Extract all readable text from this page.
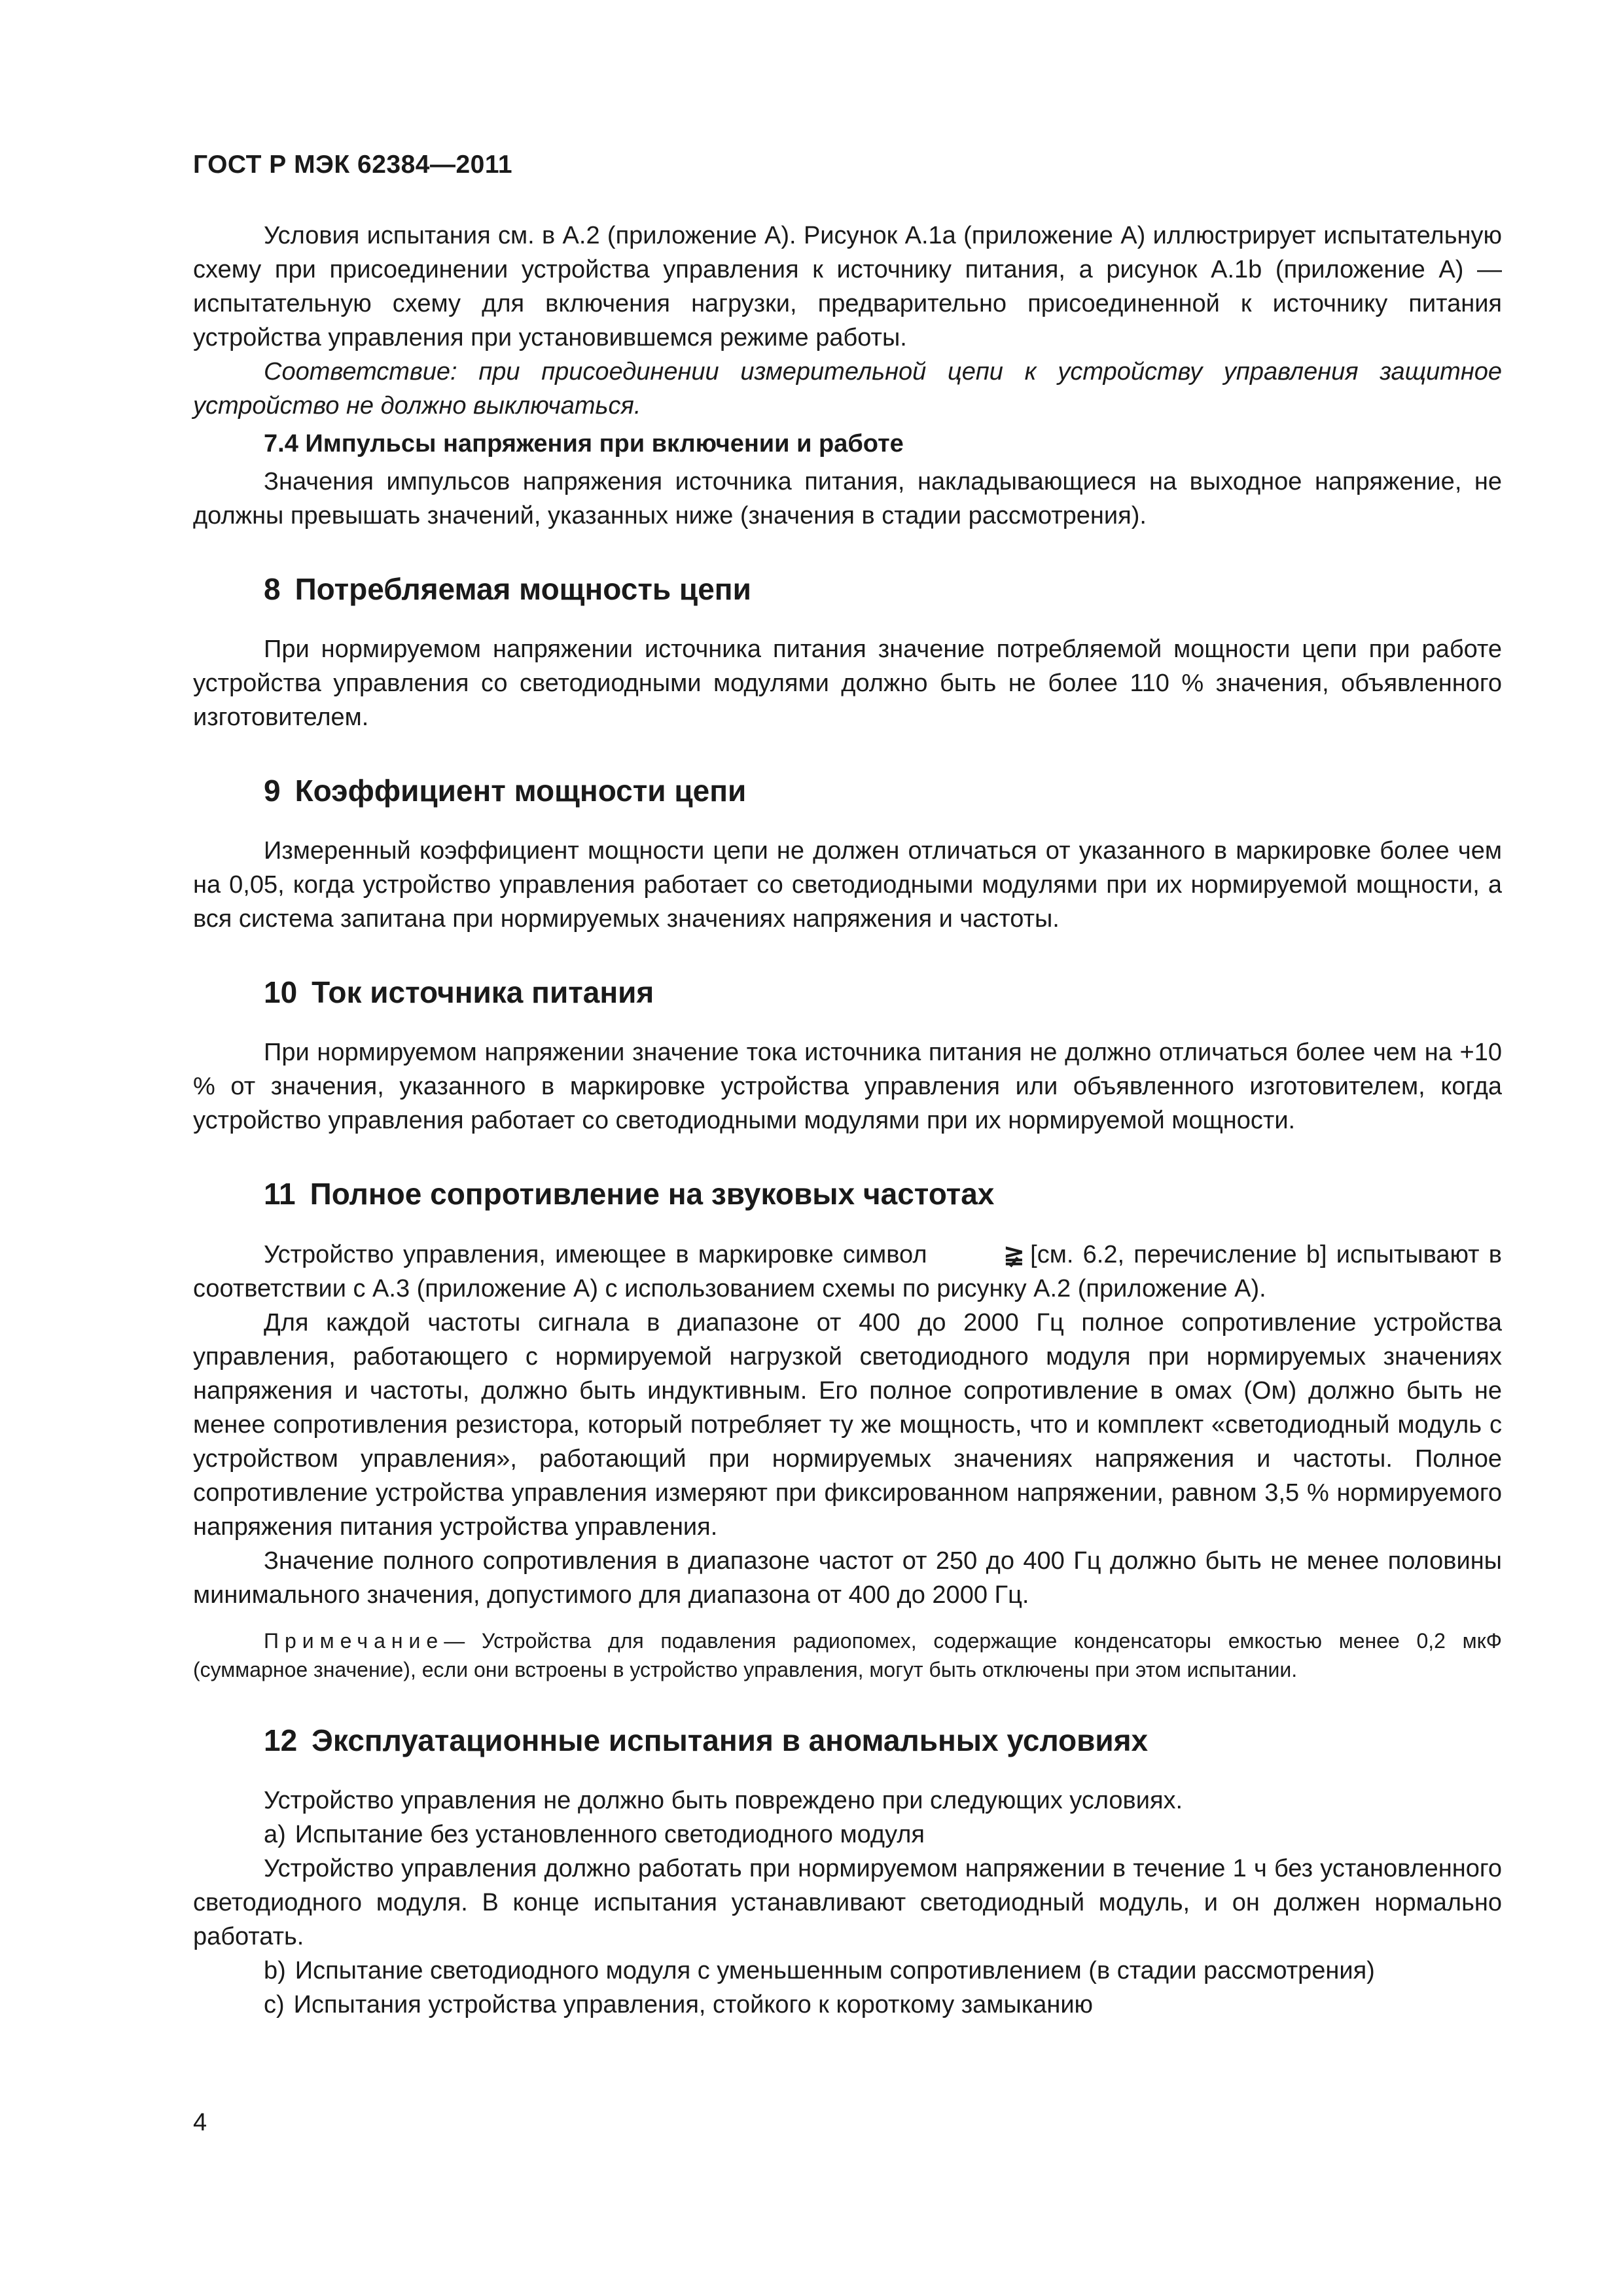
ГОСТ Р МЭК 62384—2011

Условия испытания см. в А.2 (приложение А). Рисунок А.1а (приложение А) иллюстрирует испытательную схему при присоединении устройства управления к источнику питания, а рисунок А.1b (приложение А) — испытательную схему для включения нагрузки, предварительно присоединенной к источнику питания устройства управления при установившемся режиме работы.

Соответствие: при присоединении измерительной цепи к устройству управления защитное устройство не должно выключаться.

7.4 Импульсы напряжения при включении и работе

Значения импульсов напряжения источника питания, накладывающиеся на выходное напряжение, не должны превышать значений, указанных ниже (значения в стадии рассмотрения).

8 Потребляемая мощность цепи

При нормируемом напряжении источника питания значение потребляемой мощности цепи при работе устройства управления со светодиодными модулями должно быть не более 110 % значения, объявленного изготовителем.

9 Коэффициент мощности цепи

Измеренный коэффициент мощности цепи не должен отличаться от указанного в маркировке более чем на 0,05, когда устройство управления работает со светодиодными модулями при их нормируемой мощности, а вся система запитана при нормируемых значениях напряжения и частоты.

10 Ток источника питания

При нормируемом напряжении значение тока источника питания не должно отличаться более чем на +10 % от значения, указанного в маркировке устройства управления или объявленного изготовителем, когда устройство управления работает со светодиодными модулями при их нормируемой мощности.

11 Полное сопротивление на звуковых частотах

Устройство управления, имеющее в маркировке символ	≩ [см. 6.2, перечисление b] испытывают в соответствии с А.3 (приложение А) с использованием схемы по рисунку А.2 (приложение А).

Для каждой частоты сигнала в диапазоне от 400 до 2000 Гц полное сопротивление устройства управления, работающего с нормируемой нагрузкой светодиодного модуля при нормируемых значениях напряжения и частоты, должно быть индуктивным. Его полное сопротивление в омах (Ом) должно быть не менее сопротивления резистора, который потребляет ту же мощность, что и комплект «светодиодный модуль с устройством управления», работающий при нормируемых значениях напряжения и частоты. Полное сопротивление устройства управления измеряют при фиксированном напряжении, равном 3,5 % нормируемого напряжения питания устройства управления.

Значение полного сопротивления в диапазоне частот от 250 до 400 Гц должно быть не менее половины минимального значения, допустимого для диапазона от 400 до 2000 Гц.

Примечание— Устройства для подавления радиопомех, содержащие конденсаторы емкостью менее 0,2 мкФ (суммарное значение), если они встроены в устройство управления, могут быть отключены при этом испытании.
12 Эксплуатационные испытания в аномальных условиях

Устройство управления не должно быть повреждено при следующих условиях.

а) Испытание без установленного светодиодного модуля

Устройство управления должно работать при нормируемом напряжении в течение 1 ч без установленного светодиодного модуля. В конце испытания устанавливают светодиодный модуль, и он должен нормально работать.

b) Испытание светодиодного модуля с уменьшенным сопротивлением (в стадии рассмотрения)
с) Испытания устройства управления, стойкого к короткому замыканию
4
